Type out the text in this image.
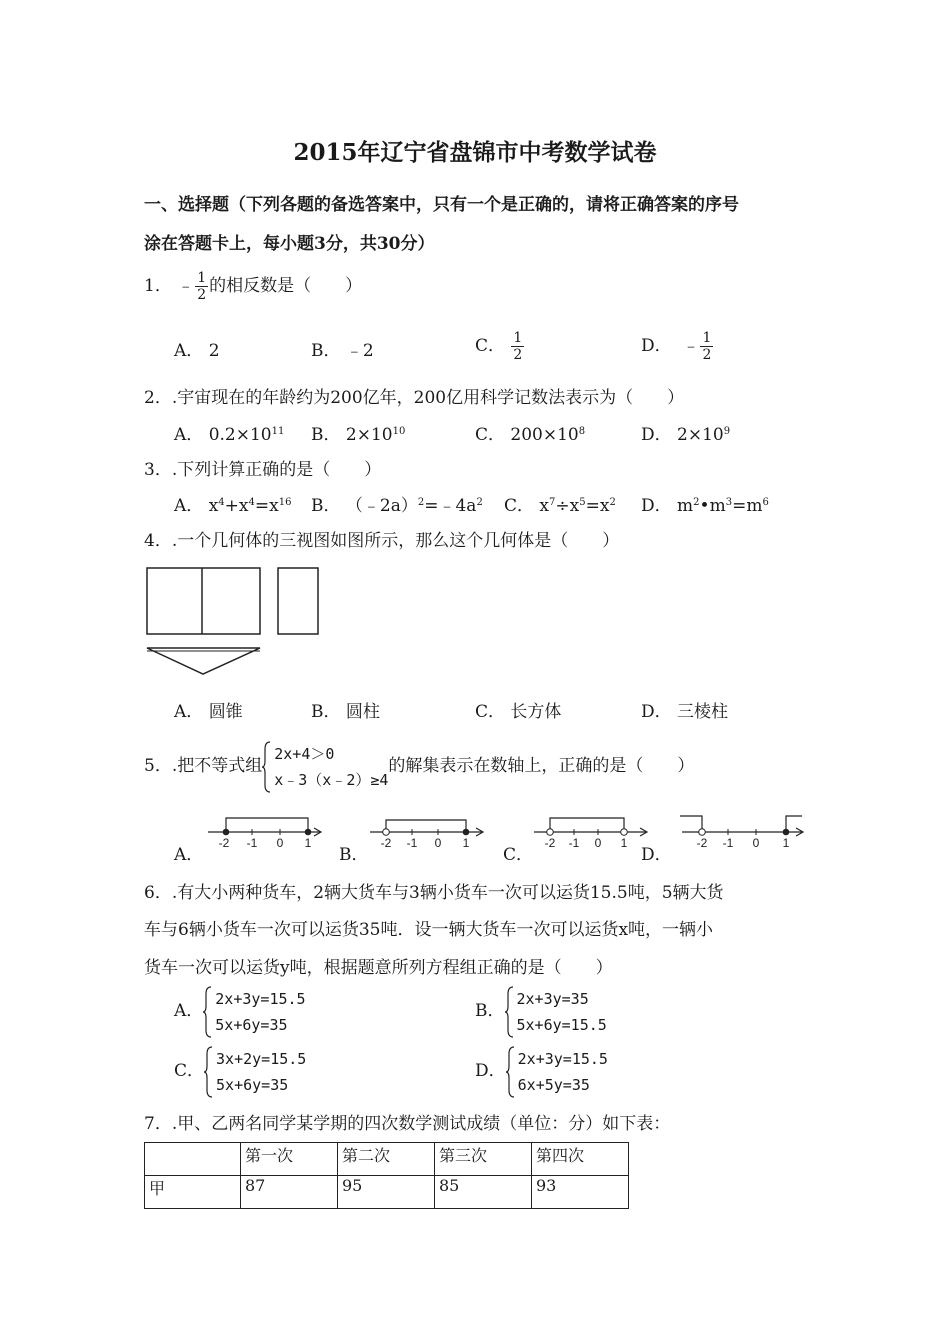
2015年辽宁省盘锦市中考数学试卷
一、选择题（下列各题的备选答案中，只有一个是正确的，请将正确答案的序号
涂在答题卡上，每小题3分，共30分）
1． ﹣ $\frac{1}{2}$ 的相反数是（　　）
A． 2	B． ﹣2	C． $\frac{1}{2}$	D． ﹣ $\frac{1}{2}$
2．.宇宙现在的年龄约为200亿年，200亿用科学记数法表示为（　　）
A． $0.2\times 10^{11}$ B． $2\times 10^{10}$	C． $200\times 10^8$	D． $2\times 10^9$
3．.下列计算正确的是（　　）
A． $x^4+x^4=x^{16}$ B． $(﹣2a)^2=﹣4a^2$ C． $x^7\div x^5=x^2$ D． $m^2•m^3=m^6$
4．.一个几何体的三视图如图所示，那么这个几何体是（　　）
A． 圆锥	B． 圆柱	C． 长方体	D． 三棱柱
5．.把不等式组
2x+4＞0
x﹣3（x﹣2）≥4
的解集表示在数轴上，正确的是（　　）
A．	B．	C．	D．
-2 -1 0 1	-2 -1 0 1	-2 -1 0 1	-2 -1 0 1
6．.有大小两种货车，2辆大货车与3辆小货车一次可以运货15.5吨，5辆大货
车与6辆小货车一次可以运货35吨．设一辆大货车一次可以运货x吨，一辆小
货车一次可以运货y吨，根据题意所列方程组正确的是（　　）
A．
2x+3y=15.5
5x+6y=35
B．
2x+3y=35
5x+6y=15.5
C．
3x+2y=15.5
5x+6y=35
D．
2x+3y=15.5
6x+5y=35
7．.甲、乙两名同学某学期的四次数学测试成绩（单位：分）如下表：
	第一次	第二次	第三次	第四次
甲	87	95	85	93
